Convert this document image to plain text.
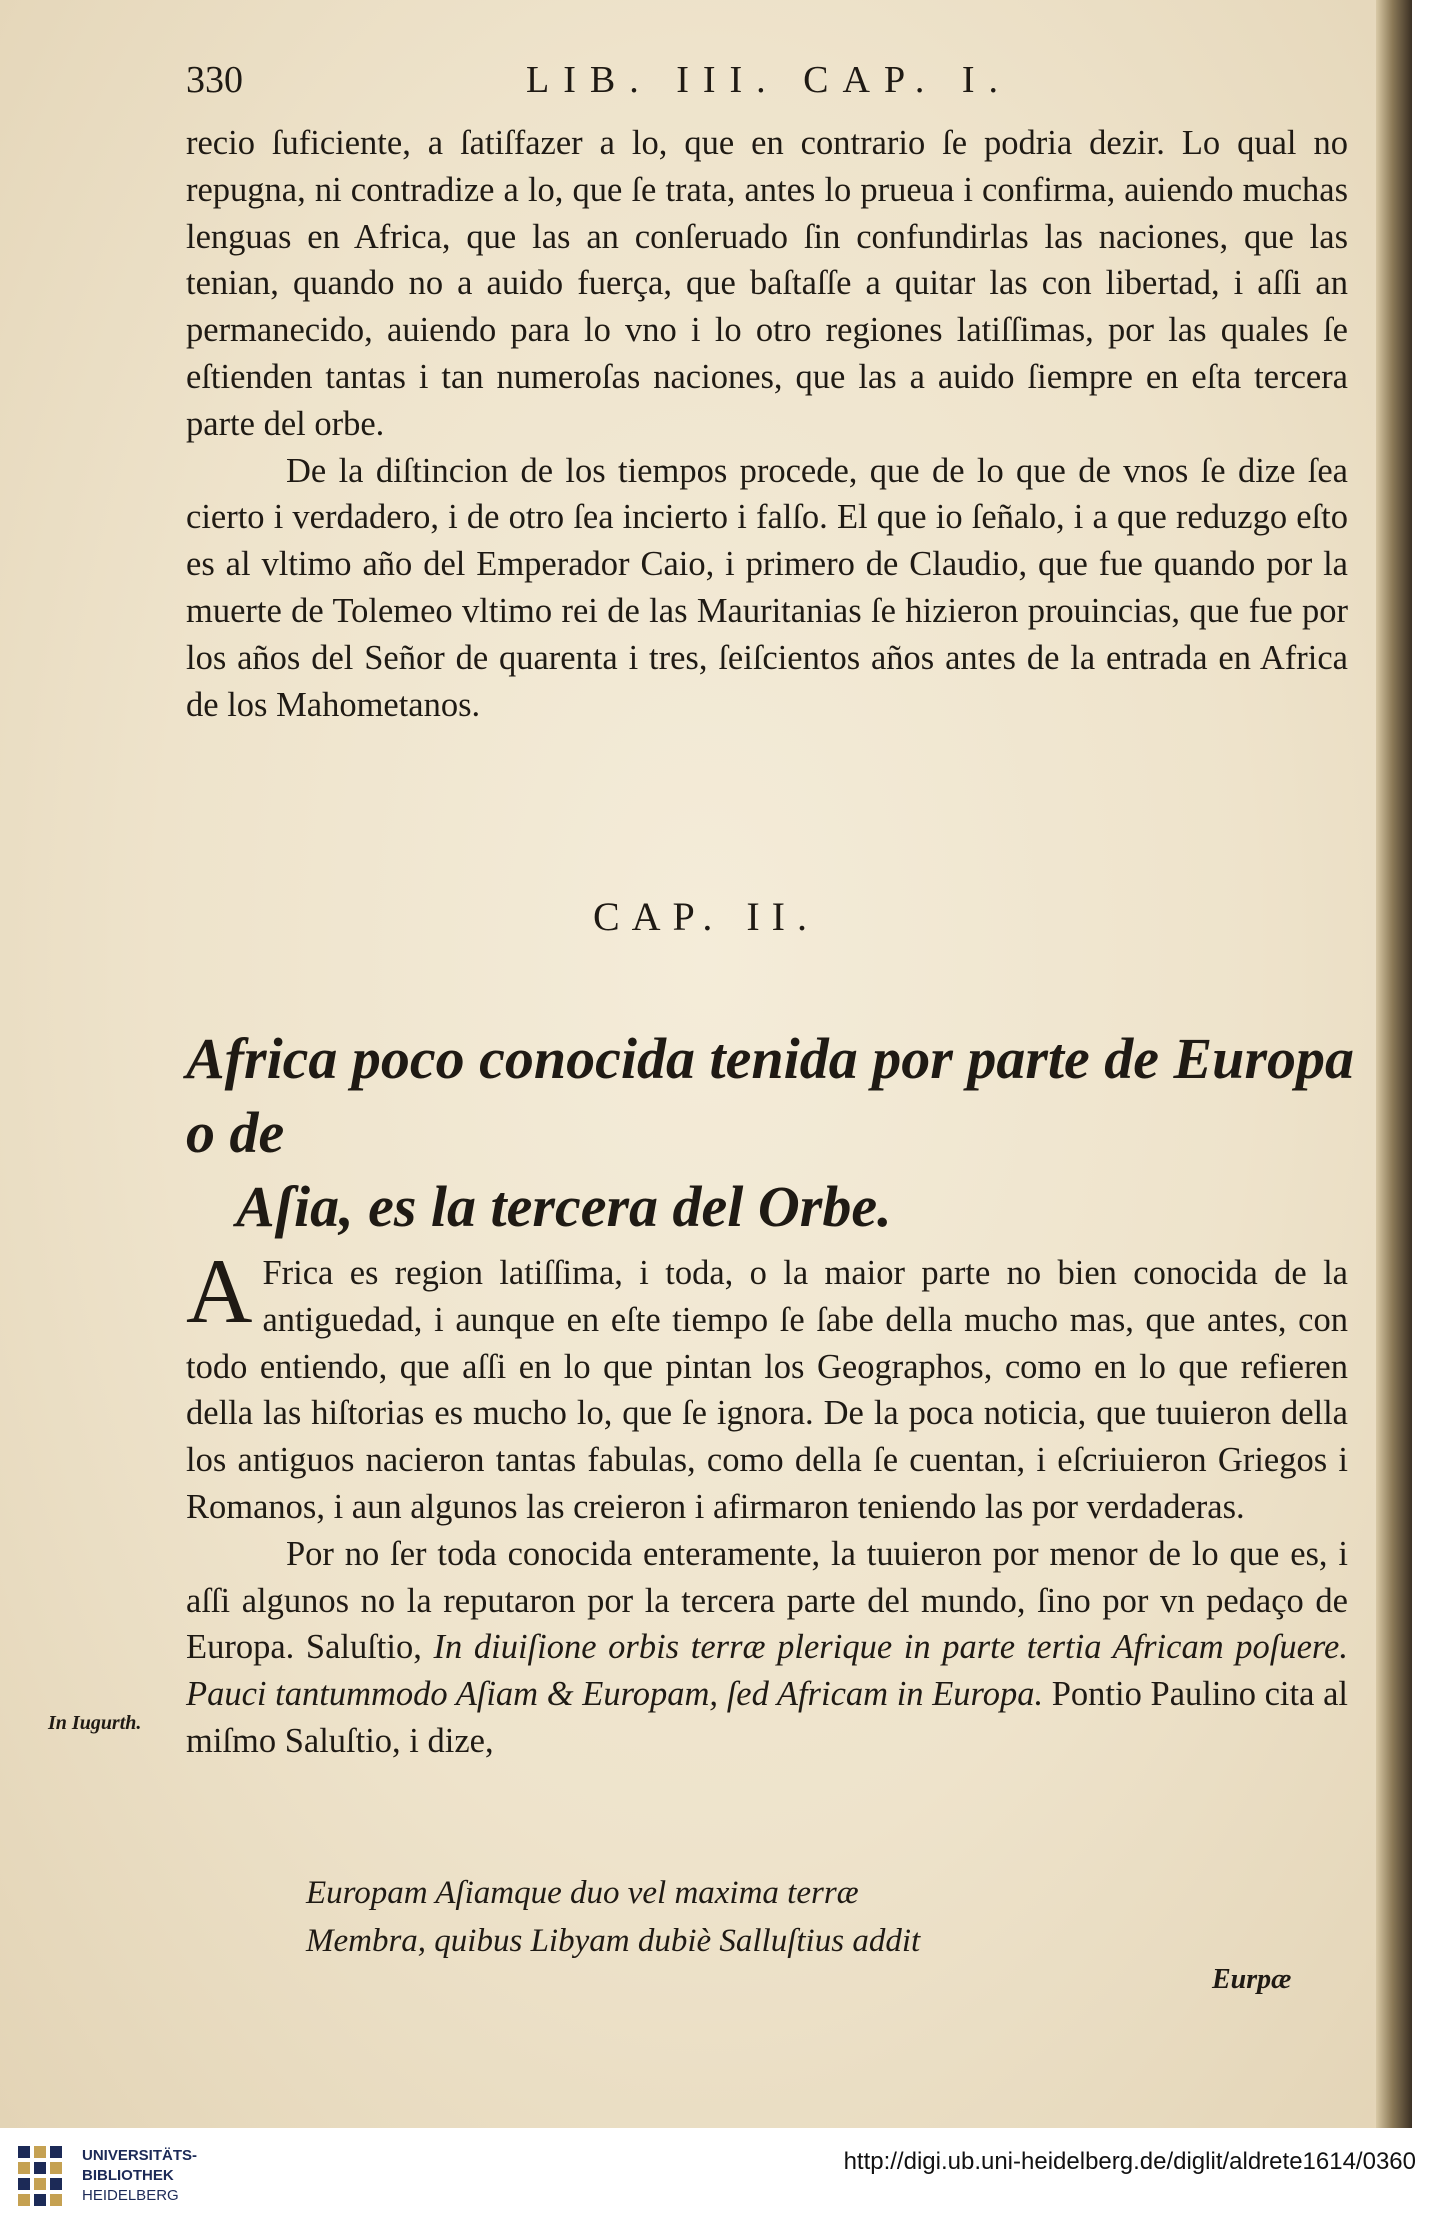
330	LIB. III. CAP. I.

recio ſuficiente, a ſatiſfazer a lo, que en contrario ſe podria dezir. Lo qual no repugna, ni contradize a lo, que ſe trata, antes lo prueua i confirma, auiendo muchas lenguas en Africa, que las an conſeruado ſin confundirlas las naciones, que las tenian, quando no a auido fuerça, que baſtaſſe a quitar las con libertad, i aſſi an permanecido, auiendo para lo vno i lo otro regiones latiſſimas, por las quales ſe eſtienden tantas i tan numeroſas naciones, que las a auido ſiempre en eſta tercera parte del orbe.

De la diſtincion de los tiempos procede, que de lo que de vnos ſe dize ſea cierto i verdadero, i de otro ſea incierto i falſo. El que io ſeñalo, i a que reduzgo eſto es al vltimo año del Emperador Caio, i primero de Claudio, que fue quando por la muerte de Tolemeo vltimo rei de las Mauritanias ſe hizieron prouincias, que fue por los años del Señor de quarenta i tres, ſeiſcientos años antes de la entrada en Africa de los Mahometanos.

CAP. II.
Africa poco conocida tenida por parte de Europa o de
Aſia, es la tercera del Orbe.

A Frica es region latiſſima, i toda, o la maior parte no bien conocida de la antiguedad, i aunque en eſte tiempo ſe ſabe della mucho mas, que antes, con todo entiendo, que aſſi en lo que pintan los Geographos, como en lo que refieren della las hiſtorias es mucho lo, que ſe ignora. De la poca noticia, que tuuieron della los antiguos nacieron tantas fabulas, como della ſe cuentan, i eſcriuieron Griegos i Romanos, i aun algunos las creieron i afirmaron teniendo las por verdaderas.

Por no ſer toda conocida enteramente, la tuuieron por menor de lo que es, i aſſi algunos no la reputaron por la tercera parte del mundo, ſino por vn pedaço de Europa. Saluſtio, In diuiſione orbis terræ plerique in parte tertia Africam poſuere. Pauci tantummodo Aſiam & Europam, ſed Africam in Europa. Pontio Paulino cita al miſmo Saluſtio, i dize,

Europam Aſiamque duo vel maxima terræ
Membra, quibus Libyam dubiè Salluſtius addit
In Iugurth.
Eurpæ
UNIVERSITÄTS-
BIBLIOTHEK
HEIDELBERG
http://digi.ub.uni-heidelberg.de/diglit/aldrete1614/0360
